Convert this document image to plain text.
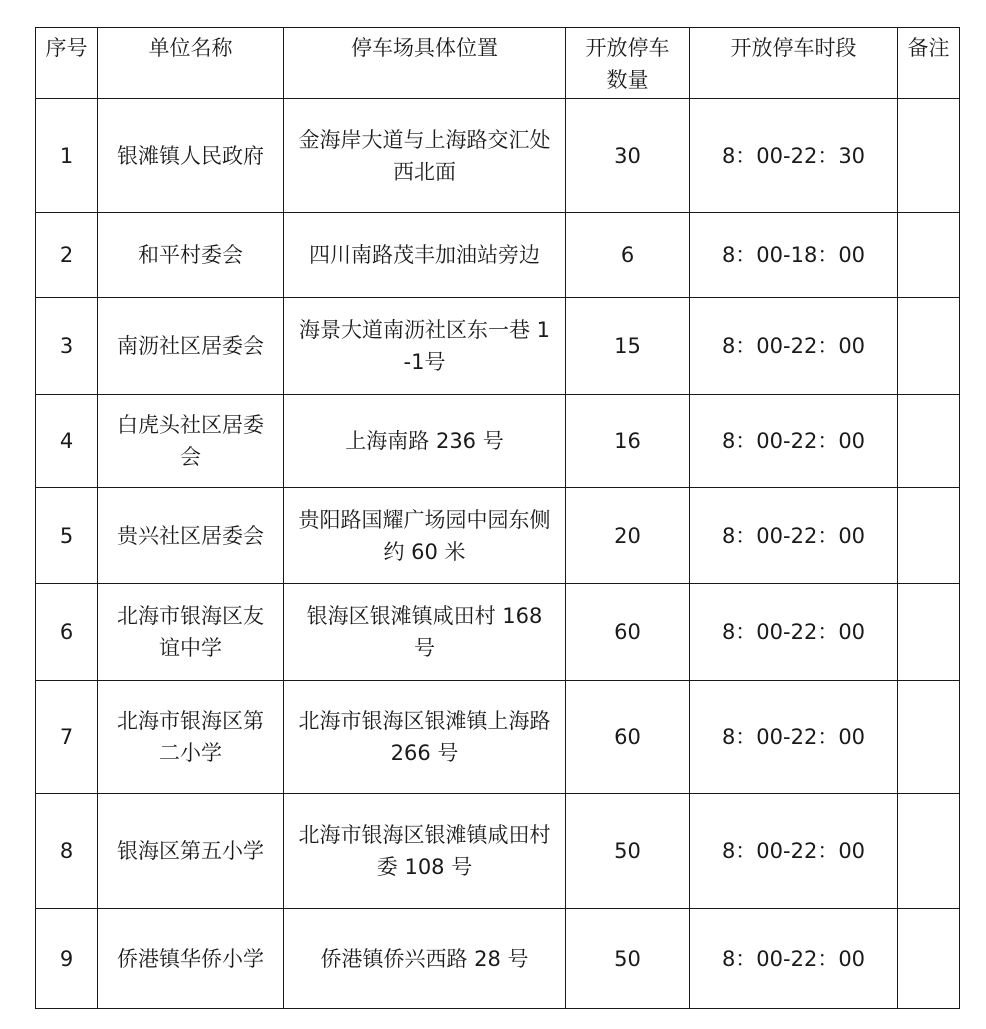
序号	单位名称	停车场具体位置	开放停车数量	开放停车时段	备注
1	银滩镇人民政府	金海岸大道与上海路交汇处西北面	30	8：00-22：30	
2	和平村委会	四川南路茂丰加油站旁边	6	8：00-18：00	
3	南沥社区居委会	海景大道南沥社区东一巷 1-1号	15	8：00-22：00	
4	白虎头社区居委会	上海南路 236 号	16	8：00-22：00	
5	贵兴社区居委会	贵阳路国耀广场园中园东侧约 60 米	20	8：00-22：00	
6	北海市银海区友谊中学	银海区银滩镇咸田村 168 号	60	8：00-22：00	
7	北海市银海区第二小学	北海市银海区银滩镇上海路 266 号	60	8：00-22：00	
8	银海区第五小学	北海市银海区银滩镇咸田村委 108 号	50	8：00-22：00	
9	侨港镇华侨小学	侨港镇侨兴西路 28 号	50	8：00-22：00	
